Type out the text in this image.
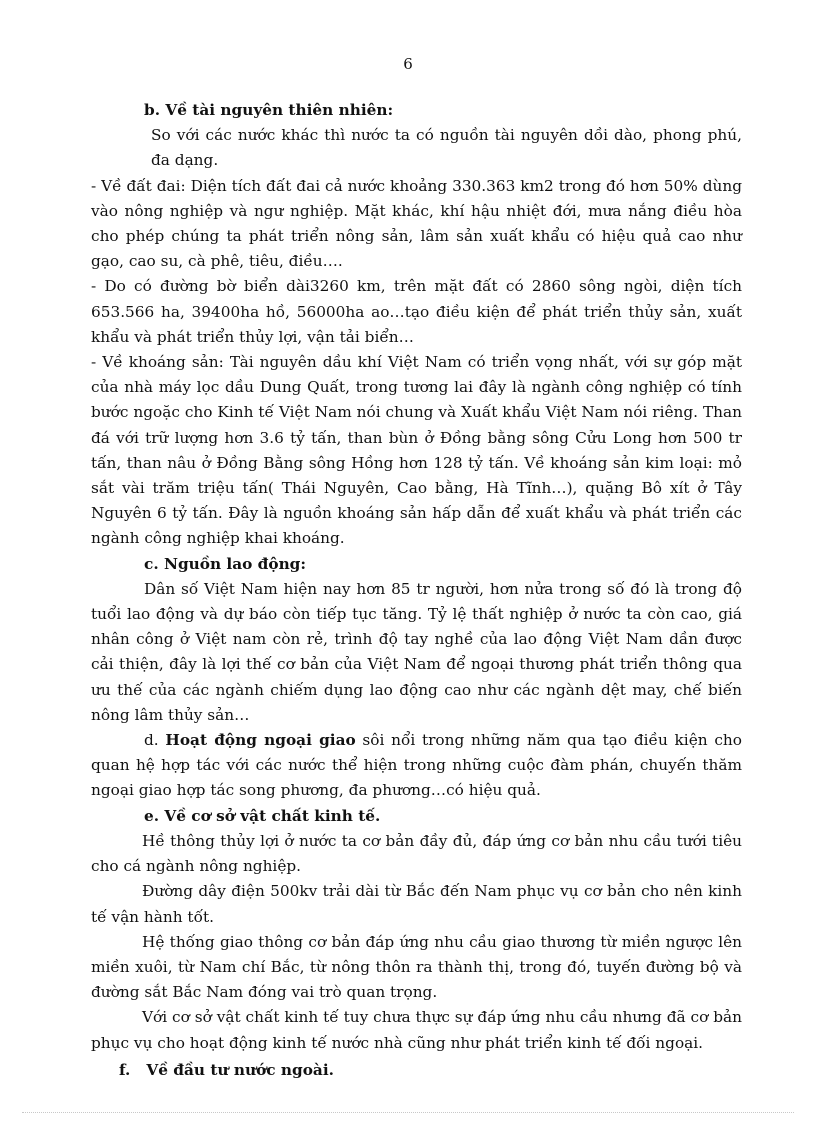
6

b. Về tài nguyên thiên nhiên:

So với các nước khác thì nước ta có nguồn tài nguyên dồi dào, phong phú, đa dạng.

- Về đất đai: Diện tích đất đai cả nước khoảng 330.363 km2 trong đó hơn 50% dùng vào nông nghiệp và ngư nghiệp. Mặt khác, khí hậu nhiệt đới, mưa nắng điều hòa cho phép chúng ta phát triển nông sản, lâm sản xuất khẩu có hiệu quả cao như gạo, cao su, cà phê, tiêu, điều….

- Do có đường bờ biển dài3260 km, trên mặt đất có 2860 sông ngòi, diện tích 653.566 ha, 39400ha hồ, 56000ha ao…tạo điều kiện để phát triển thủy sản, xuất khẩu và phát triển thủy lợi, vận tải biển…

- Về khoáng sản: Tài nguyên dầu khí Việt Nam có triển vọng nhất, với sự góp mặt của nhà máy lọc dầu Dung Quất, trong tương lai đây là ngành công nghiệp có tính bước ngoặc cho Kinh tế Việt Nam nói chung và Xuất khẩu Việt Nam nói riêng. Than đá với trữ lượng hơn 3.6 tỷ tấn, than bùn ở Đồng bằng sông Cửu Long hơn 500 tr tấn, than nâu ở Đồng Bằng sông Hồng hơn 128 tỷ tấn. Về khoáng sản kim loại: mỏ sắt vài trăm triệu tấn( Thái Nguyên, Cao bằng, Hà Tĩnh…), quặng Bô xít ở Tây Nguyên 6 tỷ tấn. Đây là nguồn khoáng sản hấp dẫn để xuất khẩu và phát triển các ngành công nghiệp khai khoáng.

c. Nguồn lao động:

Dân số Việt Nam hiện nay hơn 85 tr người, hơn nửa trong số đó là trong độ tuổi lao động và dự báo còn tiếp tục tăng. Tỷ lệ thất nghiệp ở nước ta còn cao, giá nhân công ở Việt nam còn rẻ, trình độ tay nghề của lao động Việt Nam dần được cải thiện, đây là lợi thế cơ bản của Việt Nam để ngoại thương phát triển thông qua ưu thế của các ngành chiếm dụng lao động cao như các ngành dệt may, chế biến nông lâm thủy sản…

d. Hoạt động ngoại giao sôi nổi trong những năm qua tạo điều kiện cho quan hệ hợp tác với các nước thể hiện trong những cuộc đàm phán, chuyến thăm ngoại giao hợp tác song phương, đa phương…có hiệu quả.

e. Về cơ sở vật chất kinh tế.

Hề thông thủy lợi ở nước ta cơ bản đầy đủ, đáp ứng cơ bản nhu cầu tưới tiêu cho cá ngành nông nghiệp.

Đường dây điện 500kv trải dài từ Bắc đến Nam phục vụ cơ bản cho nên kinh tế vận hành tốt.

Hệ thống giao thông cơ bản đáp ứng nhu cầu giao thương từ miền ngược lên miền xuôi, từ Nam chí Bắc, từ nông thôn ra thành thị, trong đó, tuyến đường bộ và đường sắt Bắc Nam đóng vai trò quan trọng.

Với cơ sở vật chất kinh tế tuy chưa thực sự đáp ứng nhu cầu nhưng đã cơ bản phục vụ cho hoạt động kinh tế nước nhà cũng như phát triển kinh tế đối ngoại.

f.   Về đầu tư nước ngoài.
